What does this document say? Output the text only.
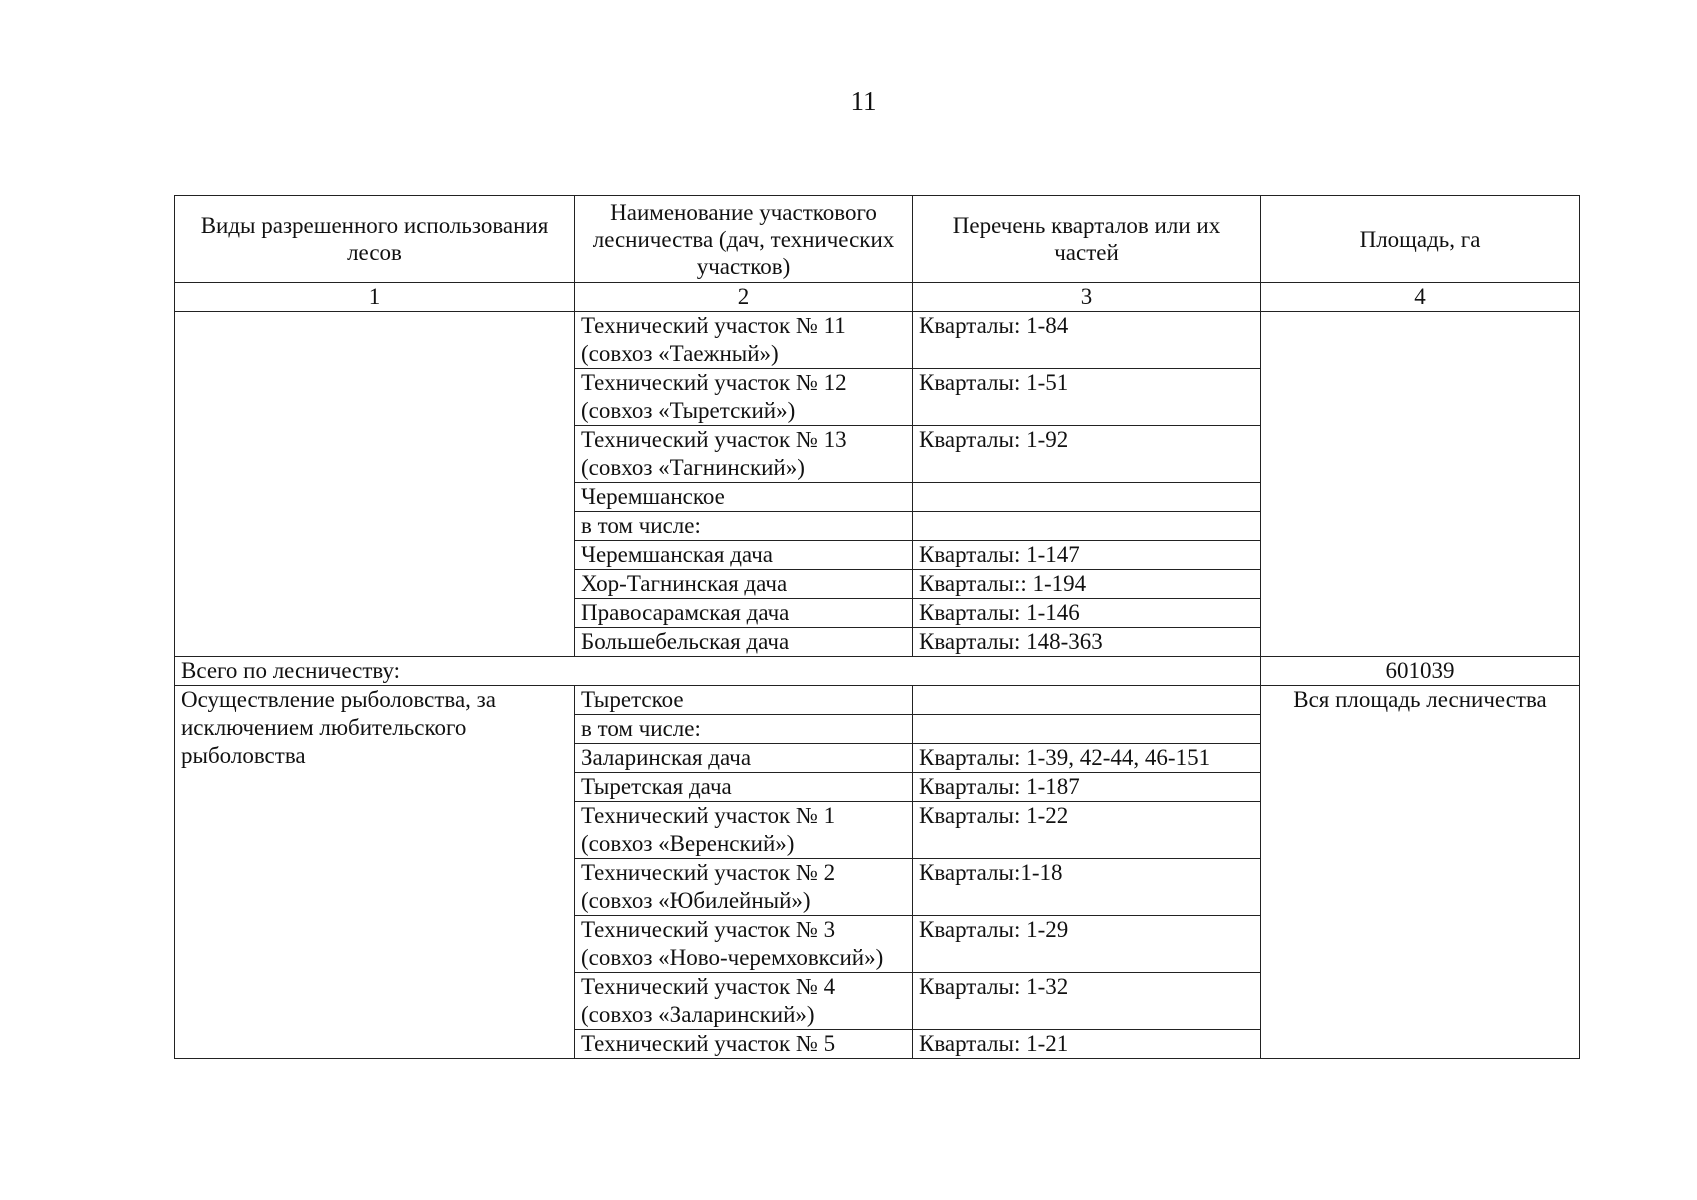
11
Виды разрешенного использования лесов	Наименование участкового лесничества (дач, технических участков)	Перечень кварталов или их частей	Площадь, га
1	2	3	4
	Технический участок № 11 (совхоз «Таежный»)	Кварталы: 1-84	
	Технический участок № 12 (совхоз «Тыретский»)	Кварталы: 1-51	
	Технический участок № 13 (совхоз «Тагнинский»)	Кварталы: 1-92	
	Черемшанское		
	в том числе:		
	Черемшанская дача	Кварталы: 1-147	
	Хор-Тагнинская дача	Кварталы:: 1-194	
	Правосарамская дача	Кварталы: 1-146	
	Большебельская дача	Кварталы: 148-363	
Всего по лесничеству:			601039
Осуществление рыболовства, за исключением любительского рыболовства	Тыретское		Вся площадь лесничества
	в том числе:		
	Заларинская дача	Кварталы: 1-39, 42-44, 46-151	
	Тыретская дача	Кварталы: 1-187	
	Технический участок № 1 (совхоз «Веренский»)	Кварталы: 1-22	
	Технический участок № 2 (совхоз «Юбилейный»)	Кварталы:1-18	
	Технический участок № 3 (совхоз «Ново-черемховксий»)	Кварталы: 1-29	
	Технический участок № 4 (совхоз «Заларинский»)	Кварталы: 1-32	
	Технический участок № 5	Кварталы: 1-21	
